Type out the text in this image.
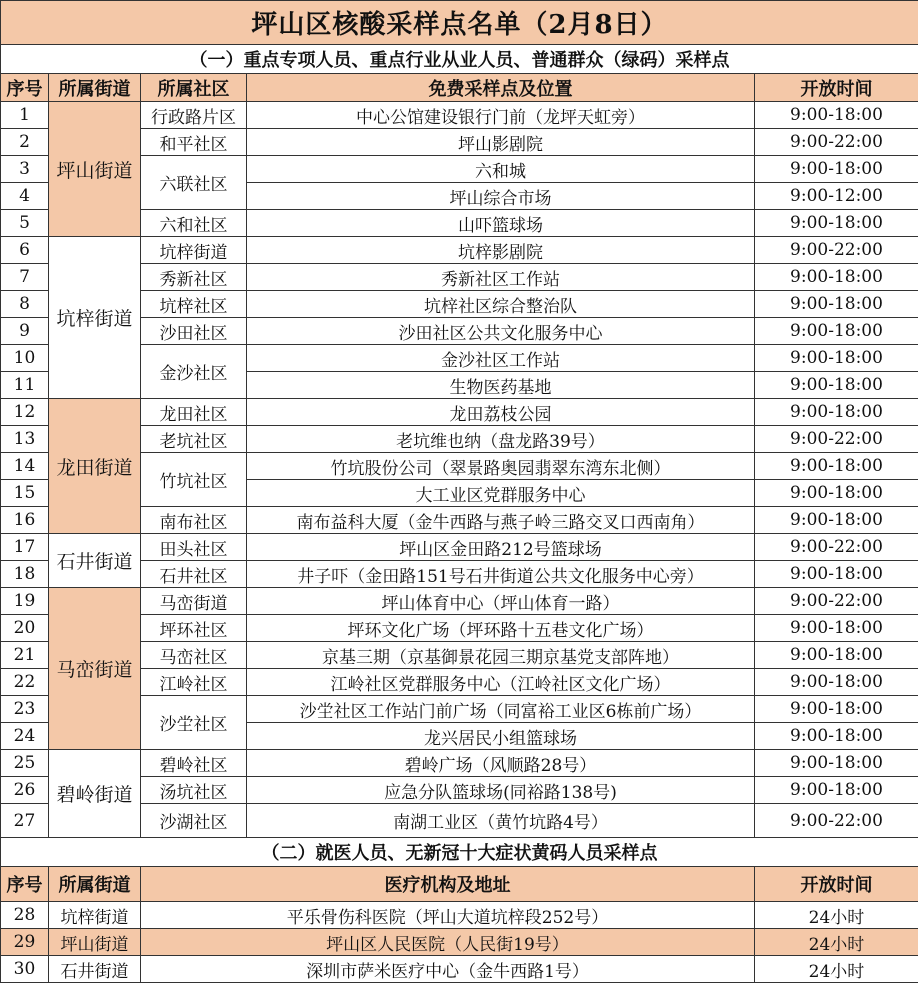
坪山区核酸采样点名单（2月8日）				
（一）重点专项人员、重点行业从业人员、普通群众（绿码）采样点				
序号	所属街道	所属社区	免费采样点及位置	开放时间
1	坪山街道	行政路片区	中心公馆建设银行门前（龙坪天虹旁）	9:00-18:00
2		和平社区	坪山影剧院	9:00-22:00
3		六联社区	六和城	9:00-18:00
4			坪山综合市场	9:00-12:00
5		六和社区	山吓篮球场	9:00-18:00
6	坑梓街道	坑梓街道	坑梓影剧院	9:00-22:00
7		秀新社区	秀新社区工作站	9:00-18:00
8		坑梓社区	坑梓社区综合整治队	9:00-18:00
9		沙田社区	沙田社区公共文化服务中心	9:00-18:00
10		金沙社区	金沙社区工作站	9:00-18:00
11			生物医药基地	9:00-18:00
12	龙田街道	龙田社区	龙田荔枝公园	9:00-18:00
13		老坑社区	老坑维也纳（盘龙路39号）	9:00-22:00
14		竹坑社区	竹坑股份公司（翠景路奥园翡翠东湾东北侧）	9:00-18:00
15			大工业区党群服务中心	9:00-18:00
16		南布社区	南布益科大厦（金牛西路与燕子岭三路交叉口西南角）	9:00-18:00
17	石井街道	田头社区	坪山区金田路212号篮球场	9:00-22:00
18		石井社区	井子吓（金田路151号石井街道公共文化服务中心旁）	9:00-18:00
19	马峦街道	马峦街道	坪山体育中心（坪山体育一路）	9:00-22:00
20		坪环社区	坪环文化广场（坪环路十五巷文化广场）	9:00-18:00
21		马峦社区	京基三期（京基御景花园三期京基党支部阵地）	9:00-18:00
22		江岭社区	江岭社区党群服务中心（江岭社区文化广场）	9:00-18:00
23		沙坣社区	沙坣社区工作站门前广场（同富裕工业区6栋前广场）	9:00-18:00
24			龙兴居民小组篮球场	9:00-18:00
25	碧岭街道	碧岭社区	碧岭广场（风顺路28号）	9:00-18:00
26		汤坑社区	应急分队篮球场(同裕路138号)	9:00-18:00
27		沙湖社区	南湖工业区（黄竹坑路4号）	9:00-22:00
（二）就医人员、无新冠十大症状黄码人员采样点				
序号	所属街道	医疗机构及地址		开放时间
28	坑梓街道	平乐骨伤科医院（坪山大道坑梓段252号）		24小时
29	坪山街道	坪山区人民医院（人民街19号）		24小时
30	石井街道	深圳市萨米医疗中心（金牛西路1号）		24小时
